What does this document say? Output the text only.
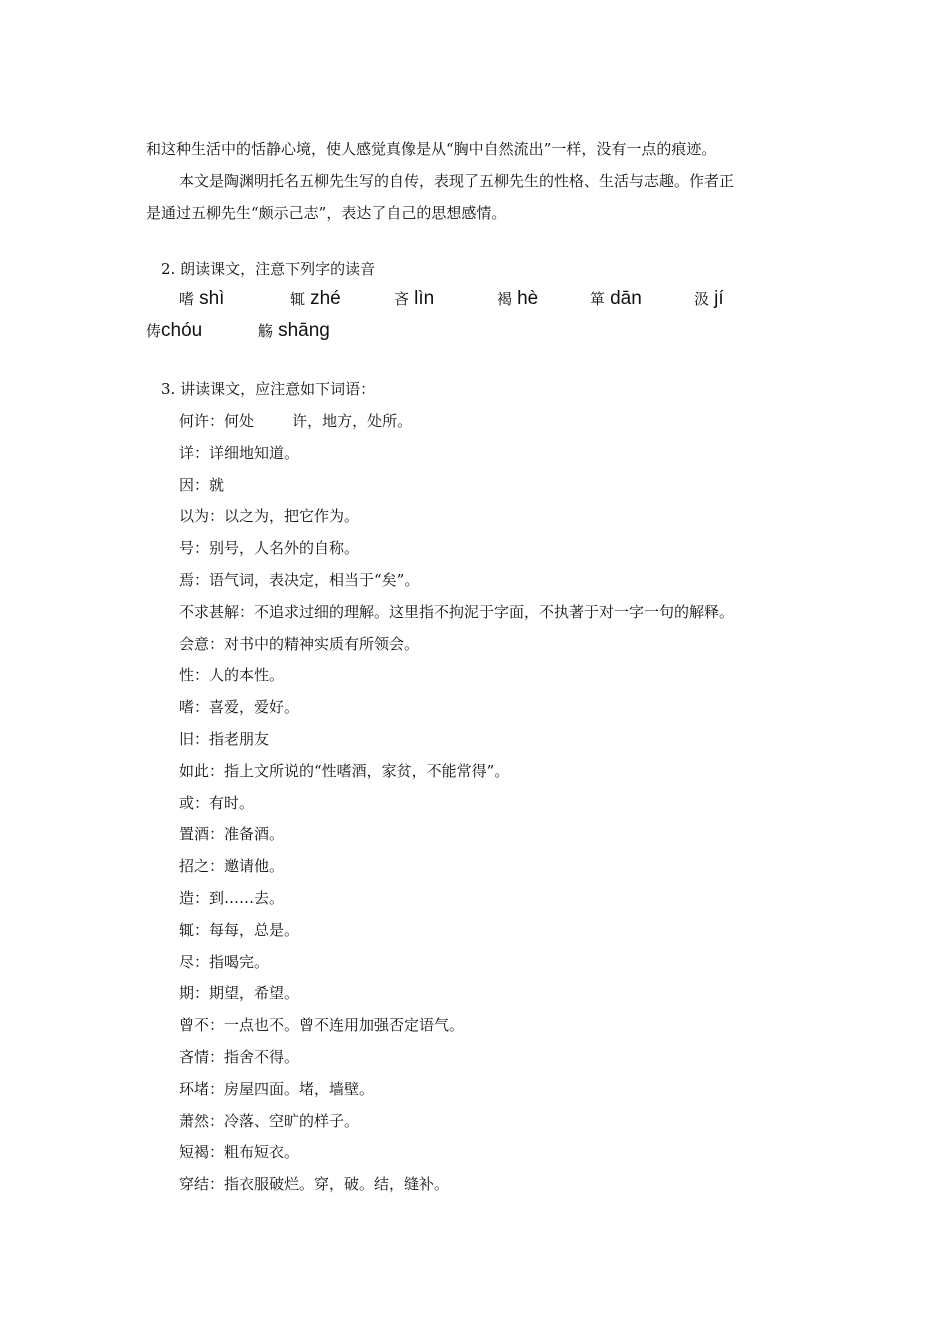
和这种生活中的恬静心境，使人感觉真像是从“胸中自然流出”一样，没有一点的痕迹。
本文是陶渊明托名五柳先生写的自传，表现了五柳先生的性格、生活与志趣。作者正
是通过五柳先生“颇示己志”，表达了自己的思想感情。
2. 朗读课文，注意下列字的读音
嗜 shì	辄 zhé	吝 lìn	褐 hè	箪 dān	汲 jí
俦chóu	觞 shāng
3. 讲读课文，应注意如下词语：
何许：何处        许，地方，处所。
详：详细地知道。
因：就
以为：以之为，把它作为。
号：别号，人名外的自称。
焉：语气词，表决定，相当于“矣”。
不求甚解：不追求过细的理解。这里指不拘泥于字面，不执著于对一字一句的解释。
会意：对书中的精神实质有所领会。
性：人的本性。
嗜：喜爱，爱好。
旧：指老朋友
如此：指上文所说的“性嗜酒，家贫，不能常得”。
或：有时。
置酒：准备酒。
招之：邀请他。
造：到……去。
辄：每每，总是。
尽：指喝完。
期：期望，希望。
曾不：一点也不。曾不连用加强否定语气。
吝情：指舍不得。
环堵：房屋四面。堵，墙壁。
萧然：冷落、空旷的样子。
短褐：粗布短衣。
穿结：指衣服破烂。穿，破。结，缝补。
